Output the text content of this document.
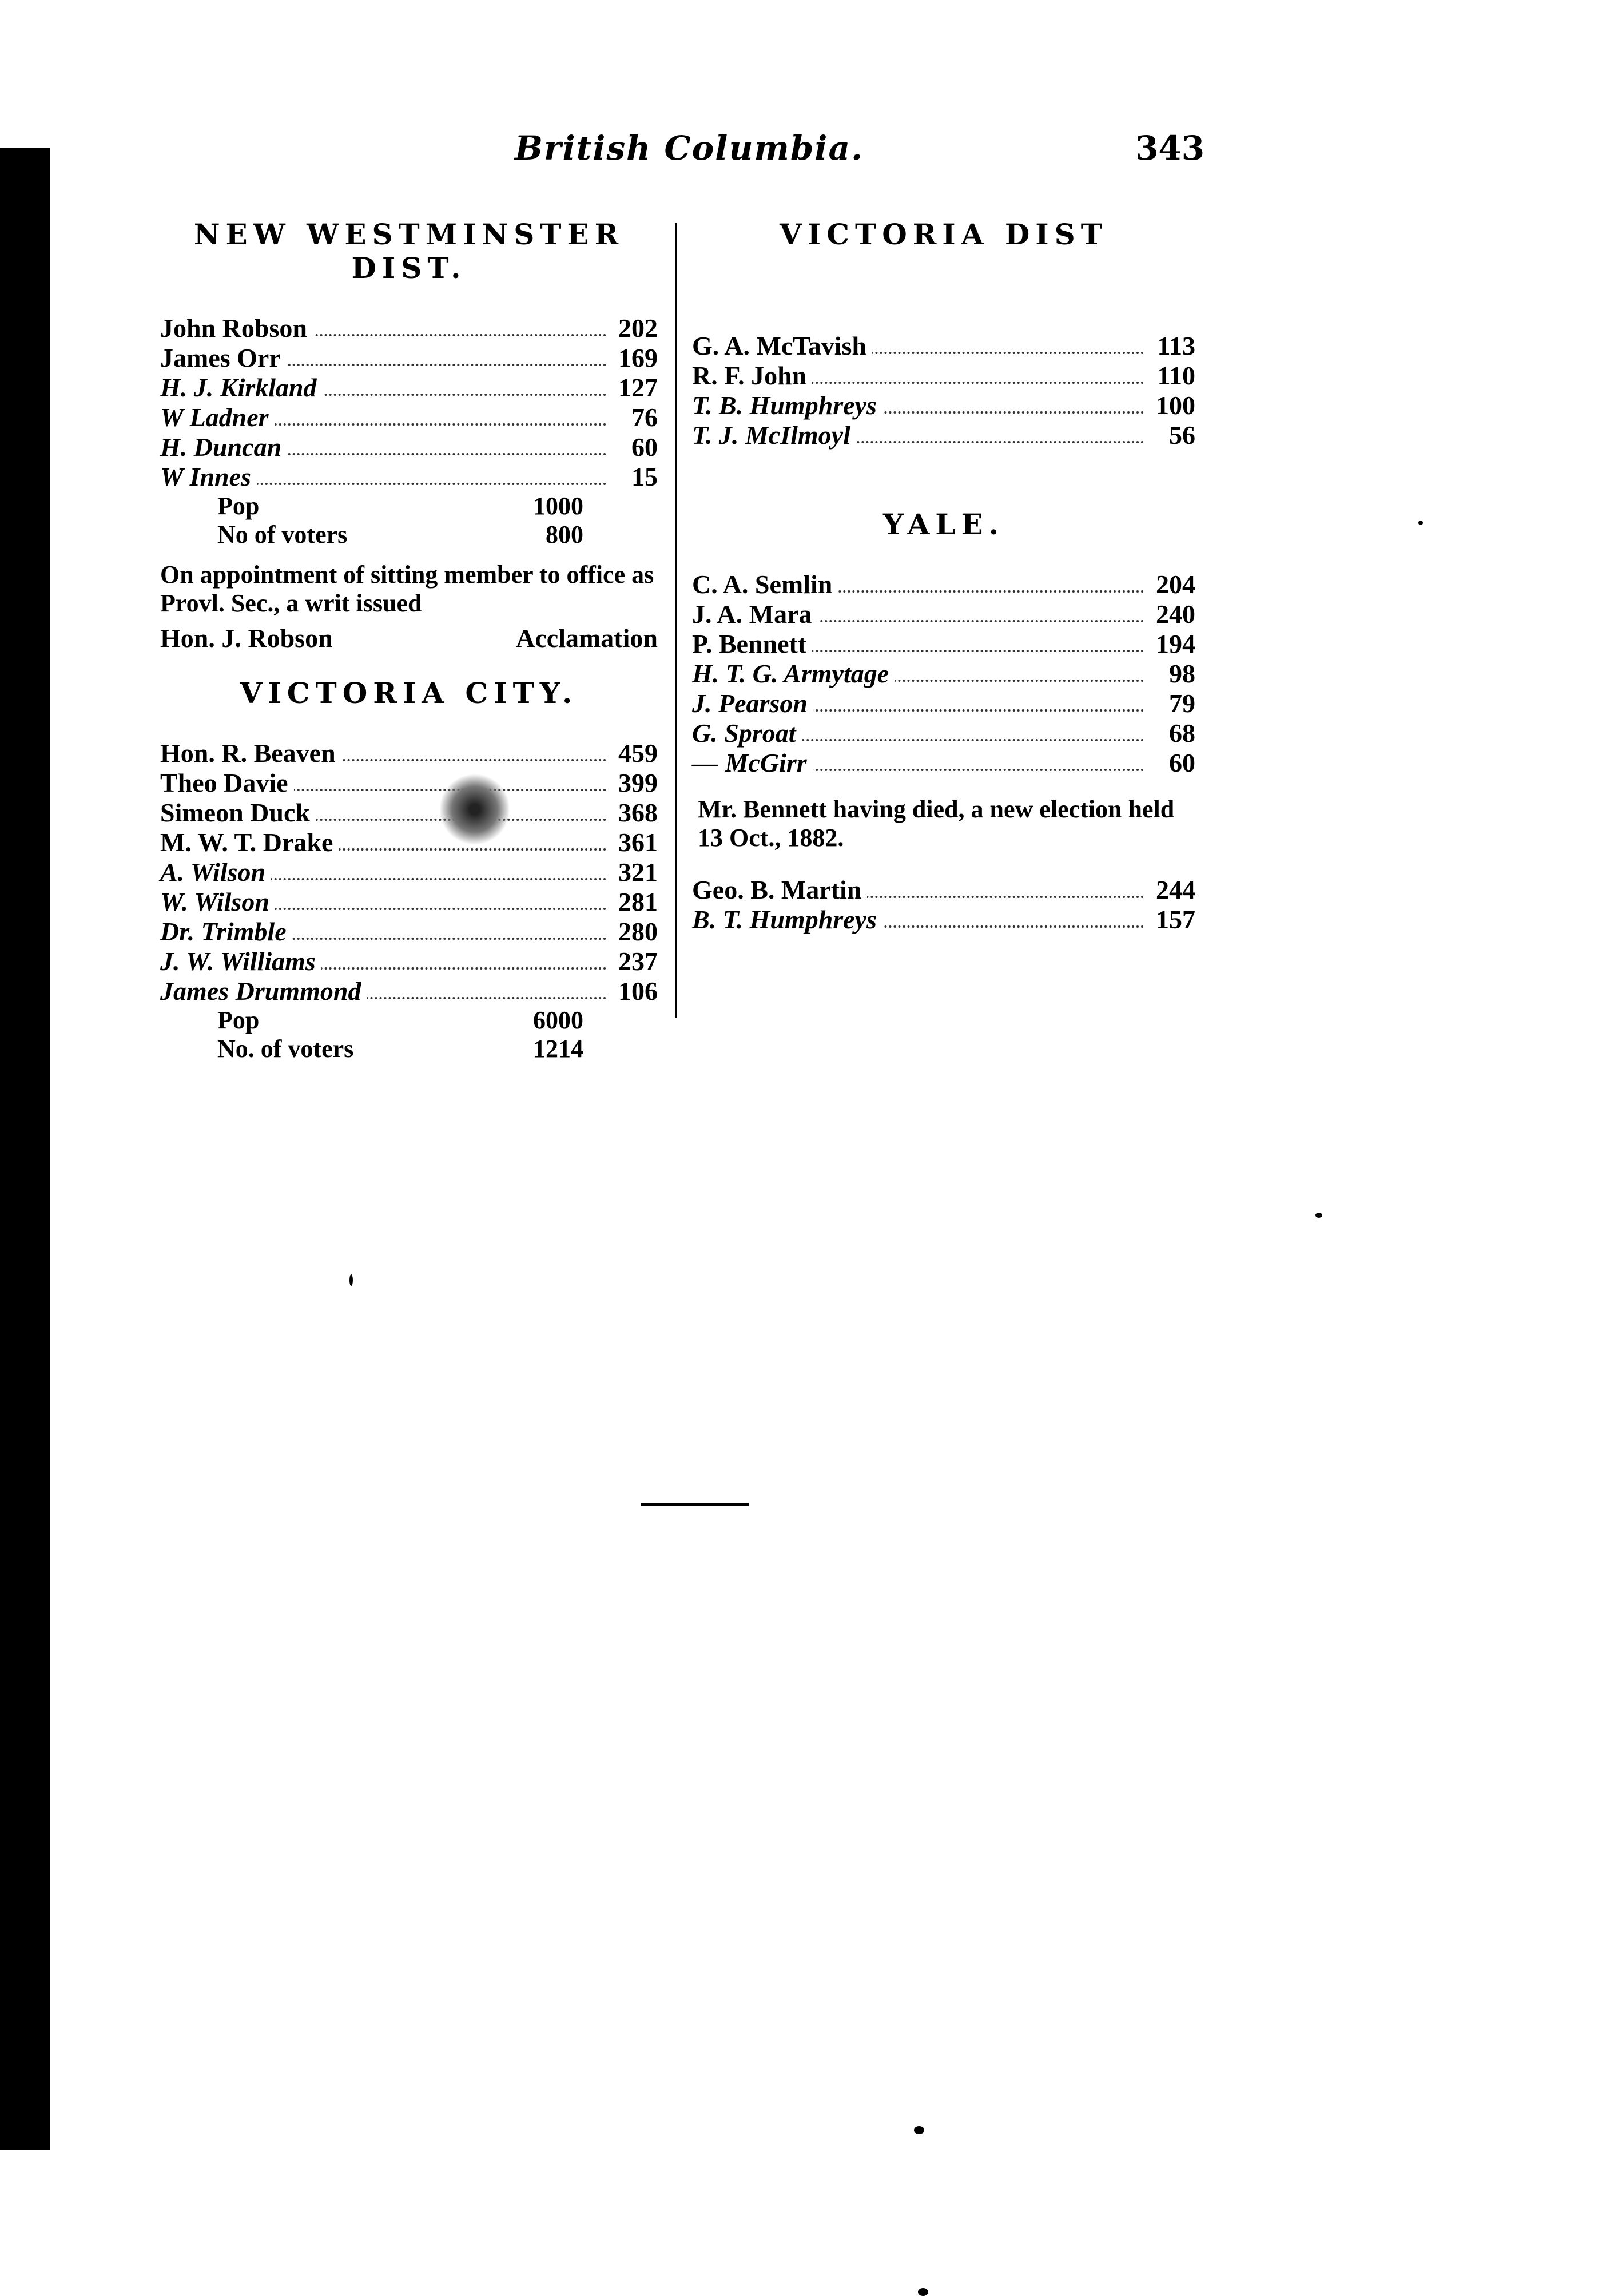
British Columbia.	343
NEW WESTMINSTER DIST.
John Robson	202
James Orr	169
H. J. Kirkland	127
W Ladner	76
H. Duncan	60
W Innes	15
Pop	1000
No of voters	800
On appointment of sitting member to office as Provl. Sec., a writ issued
Hon. J. Robson	Acclamation
VICTORIA CITY.
Hon. R. Beaven	459
Theo Davie	399
Simeon Duck	368
M. W. T. Drake	361
A. Wilson	321
W. Wilson	281
Dr. Trimble	280
J. W. Williams	237
James Drummond	106
Pop	6000
No. of voters	1214
VICTORIA DIST
G. A. McTavish	113
R. F. John	110
T. B. Humphreys	100
T. J. McIlmoyl	56
YALE.
C. A. Semlin	204
J. A. Mara	240
P. Bennett	194
H. T. G. Armytage	98
J. Pearson	79
G. Sproat	68
— McGirr	60
Mr. Bennett having died, a new election held 13 Oct., 1882.
Geo. B. Martin	244
B. T. Humphreys	157
